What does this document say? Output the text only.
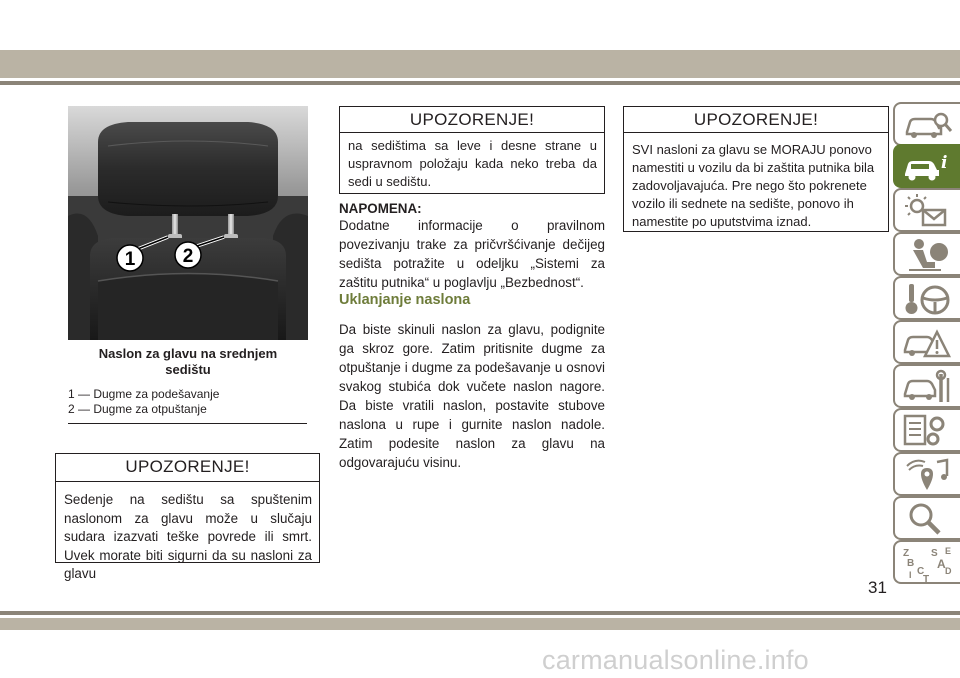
1 2
Naslon za glavu na srednjem
sedištu
1 — Dugme za podešavanje
2 — Dugme za otpuštanje
UPOZORENJE!
Sedenje na sedištu sa spuštenim naslonom za glavu može u slučaju sudara izazvati teške povrede ili smrt. Uvek morate biti sigurni da su nasloni za glavu
UPOZORENJE!
na sedištima sa leve i desne strane u uspravnom položaju kada neko treba da sedi u sedištu.
NAPOMENA:
Dodatne informacije o pravilnom povezivanju trake za pričvršćivanje dečijeg sedišta potražite u odeljku „Sistemi za zaštitu putnika“ u poglavlju „Bezbednost“.
Uklanjanje naslona
Da biste skinuli naslon za glavu, podignite ga skroz gore. Zatim pritisnite dugme za otpuštanje i dugme za podešavanje u osnovi svakog stubića dok vučete naslon nagore. Da biste vratili naslon, postavite stubove naslona u rupe i gurnite naslon nadole. Zatim podesite naslon za glavu na odgovarajuću visinu.
UPOZORENJE!
SVI nasloni za glavu se MORAJU ponovo namestiti u vozilu da bi zaštita putnika bila zadovoljavajuća. Pre nego što pokrenete vozilo ili sednete na sedište, ponovo ih namestite po uputstvima iznad.
i
Z S E
B A
C D
I T
31
carmanualsonline.info
